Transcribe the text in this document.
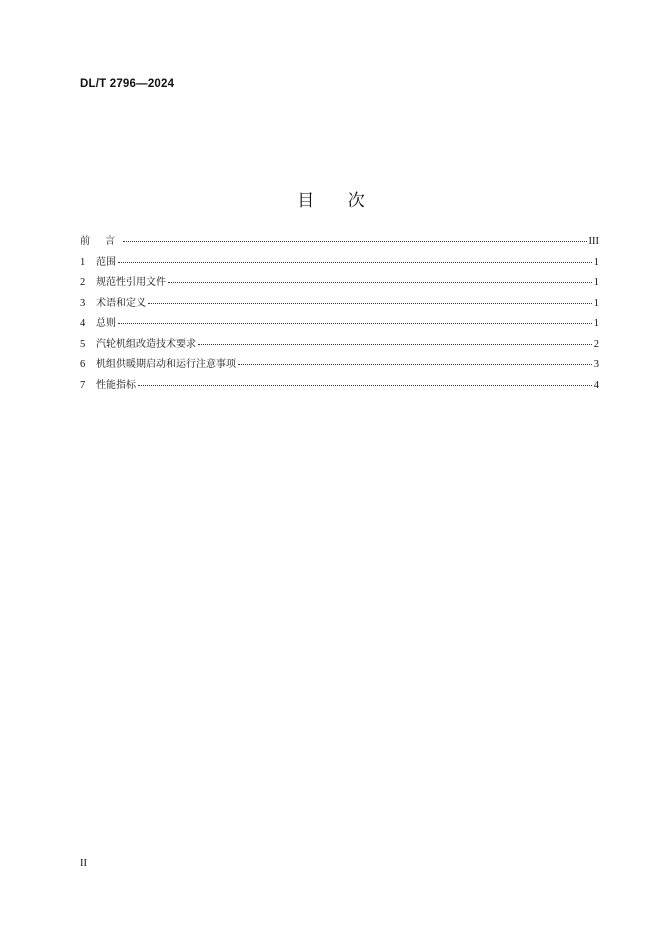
DL/T 2796—2024
目 次
前 言	III
1	范围	1
2	规范性引用文件	1
3	术语和定义	1
4	总则	1
5	汽轮机组改造技术要求	2
6	机组供暖期启动和运行注意事项	3
7	性能指标	4
II
